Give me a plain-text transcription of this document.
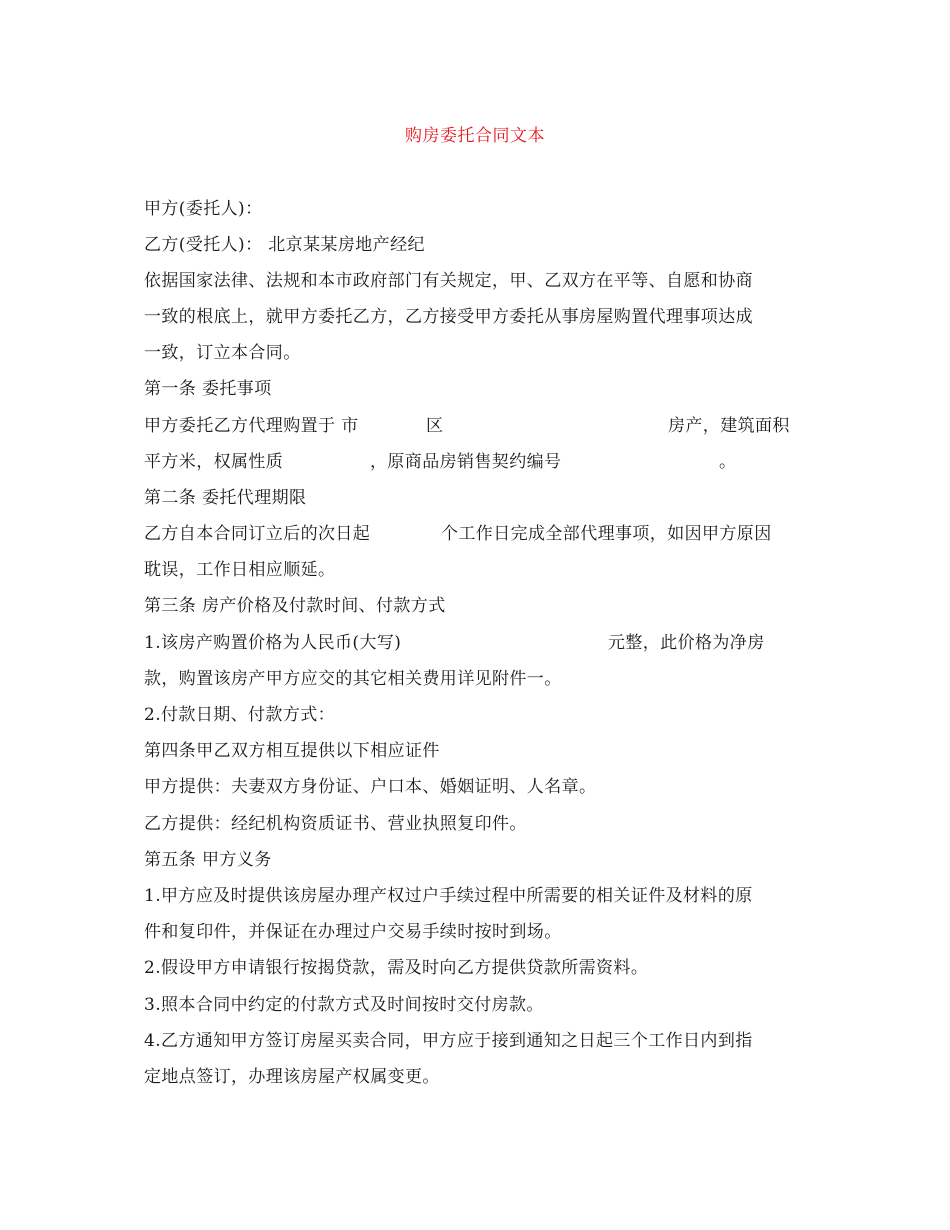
购房委托合同文本
甲方(委托人)：
乙方(受托人)： 北京某某房地产经纪
依据国家法律、法规和本市政府部门有关规定，甲、乙双方在平等、自愿和协商
一致的根底上，就甲方委托乙方，乙方接受甲方委托从事房屋购置代理事项达成
一致，订立本合同。
第一条 委托事项
甲方委托乙方代理购置于 市	区	房产，建筑面积
平方米，权属性质	，原商品房销售契约编号	。
第二条 委托代理期限
乙方自本合同订立后的次日起	个工作日完成全部代理事项，如因甲方原因
耽误，工作日相应顺延。
第三条 房产价格及付款时间、付款方式
1.该房产购置价格为人民币(大写)	元整，此价格为净房
款，购置该房产甲方应交的其它相关费用详见附件一。
2.付款日期、付款方式：
第四条甲乙双方相互提供以下相应证件
甲方提供：夫妻双方身份证、户口本、婚姻证明、人名章。
乙方提供：经纪机构资质证书、营业执照复印件。
第五条 甲方义务
1.甲方应及时提供该房屋办理产权过户手续过程中所需要的相关证件及材料的原
件和复印件，并保证在办理过户交易手续时按时到场。
2.假设甲方申请银行按揭贷款，需及时向乙方提供贷款所需资料。
3.照本合同中约定的付款方式及时间按时交付房款。
4.乙方通知甲方签订房屋买卖合同，甲方应于接到通知之日起三个工作日内到指
定地点签订，办理该房屋产权属变更。
